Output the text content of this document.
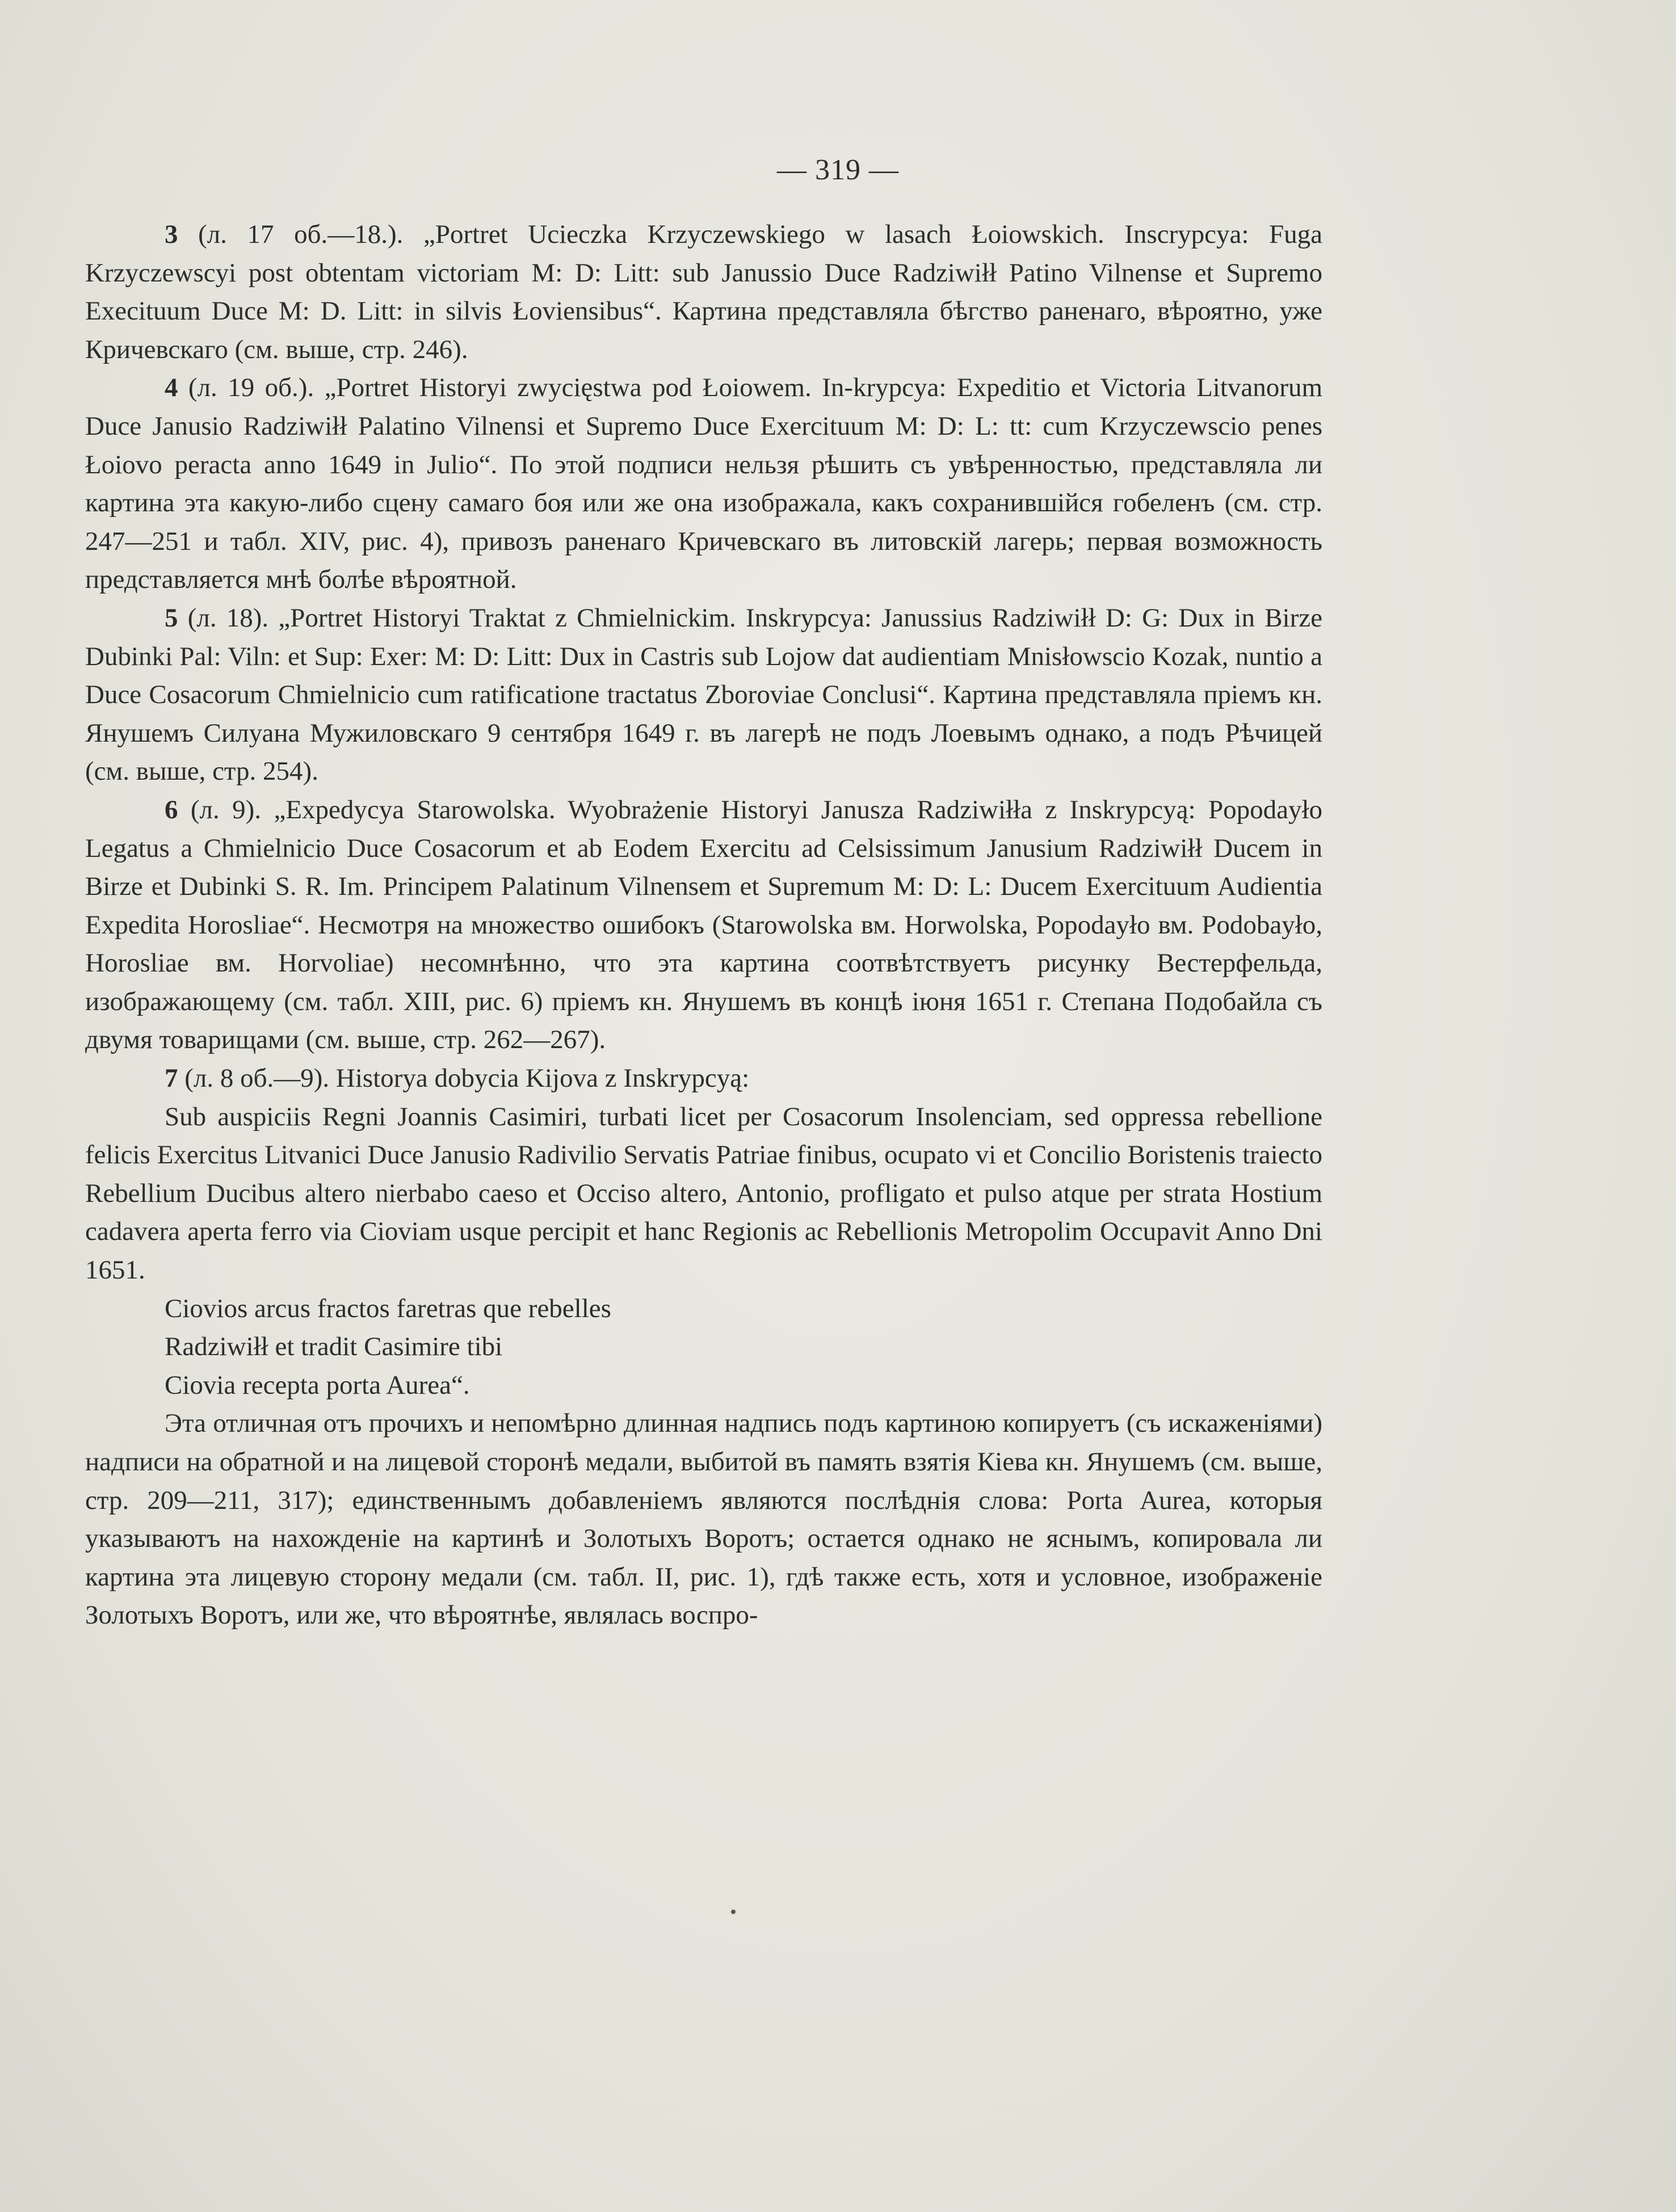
— 319 —

3 (л. 17 об.—18.). „Portret Ucieczka Krzyczewskiego w lasach Łoiowskich. Inscrypcya: Fuga Krzyczewscyi post obtentam victoriam M: D: Litt: sub Janussio Duce Radziwiłł Patino Vilnense et Supremo Execituum Duce M: D. Litt: in silvis Łoviensibus“. Картина представляла бѣгство раненаго, вѣроятно, уже Кричевскаго (см. выше, стр. 246).

4 (л. 19 об.). „Portret Historyi zwycięstwa pod Łoiowem. In-krypcya: Expeditio et Victoria Litvanorum Duce Janusio Radziwiłł Palatino Vilnensi et Supremo Duce Exercituum M: D: L: tt: cum Krzyczewscio penes Łoiovo peracta anno 1649 in Julio“. По этой подписи нельзя рѣшить съ увѣренностью, представляла ли картина эта какую-либо сцену самаго боя или же она изображала, какъ сохранившійся гобеленъ (см. стр. 247—251 и табл. XIV, рис. 4), привозъ раненаго Кричевскаго въ литовскій лагерь; первая возможность представляется мнѣ болѣе вѣроятной.

5 (л. 18). „Portret Historyi Traktat z Chmielnickim. Inskrypcya: Janussius Radziwiłł D: G: Dux in Birze Dubinki Pal: Viln: et Sup: Exer: M: D: Litt: Dux in Castris sub Lojow dat audientiam Mnisłowscio Kozak, nuntio a Duce Cosacorum Chmielnicio cum ratificatione tractatus Zboroviae Conclusi“. Картина представляла пріемъ кн. Янушемъ Силуана Мужиловскаго 9 сентября 1649 г. въ лагерѣ не подъ Лоевымъ однако, а подъ Рѣчицей (см. выше, стр. 254).

6 (л. 9). „Expedycya Starowolska. Wyobrażenie Historyi Janusza Radziwiłła z Inskrypcyą: Popodayło Legatus a Chmielnicio Duce Cosacorum et ab Eodem Exercitu ad Celsissimum Janusium Radziwiłł Ducem in Birze et Dubinki S. R. Im. Principem Palatinum Vilnensem et Supremum M: D: L: Ducem Exercituum Audientia Expedita Horosliae“. Несмотря на множество ошибокъ (Starowolska вм. Horwolska, Popodayło вм. Podobayło, Horosliae вм. Horvoliae) несомнѣнно, что эта картина соотвѣтствуетъ рисунку Вестерфельда, изображающему (см. табл. XIII, рис. 6) пріемъ кн. Янушемъ въ концѣ іюня 1651 г. Степана Подобайла съ двумя товарищами (см. выше, стр. 262—267).

7 (л. 8 об.—9). Historya dobycia Kijova z Inskrypcyą:

Sub auspiciis Regni Joannis Casimiri, turbati licet per Cosacorum Insolenciam, sed oppressa rebellione felicis Exercitus Litvanici Duce Janusio Radivilio Servatis Patriae finibus, ocupato vi et Concilio Boristenis traiecto Rebellium Ducibus altero nierbabo caeso et Occiso altero, Antonio, profligato et pulso atque per strata Hostium cadavera aperta ferro via Cioviam usque percipit et hanc Regionis ac Rebellionis Metropolim Occupavit Anno Dni 1651.

Ciovios arcus fractos faretras que rebelles

Radziwiłł et tradit Casimire tibi

Ciovia recepta porta Aurea“.

Эта отличная отъ прочихъ и непомѣрно длинная надпись подъ картиною копируетъ (съ искаженіями) надписи на обратной и на лицевой сторонѣ медали, выбитой въ память взятія Кіева кн. Янушемъ (см. выше, стр. 209—211, 317); единственнымъ добавленіемъ являются послѣднія слова: Porta Aurea, которыя указываютъ на нахожденіе на картинѣ и Золотыхъ Воротъ; остается однако не яснымъ, копировала ли картина эта лицевую сторону медали (см. табл. II, рис. 1), гдѣ также есть, хотя и условное, изображеніе Золотыхъ Воротъ, или же, что вѣроятнѣе, являлась воспро-
